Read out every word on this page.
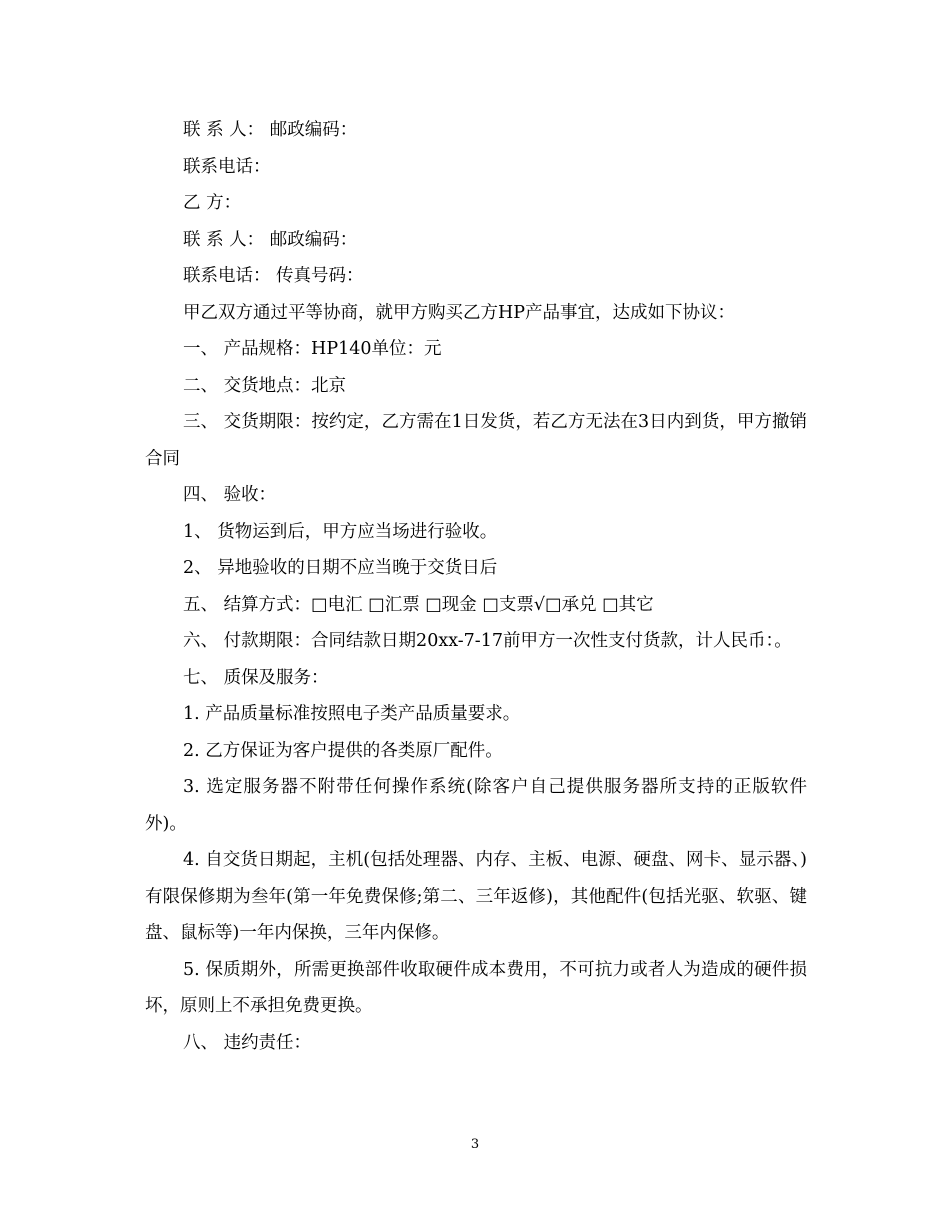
联 系 人： 邮政编码：

联系电话：

乙 方：

联 系 人： 邮政编码：

联系电话： 传真号码：

甲乙双方通过平等协商，就甲方购买乙方HP产品事宜，达成如下协议：

一、 产品规格：HP140单位：元

二、 交货地点：北京

三、 交货期限：按约定，乙方需在1日发货，若乙方无法在3日内到货，甲方撤销合同

四、 验收：

1、 货物运到后，甲方应当场进行验收。

2、 异地验收的日期不应当晚于交货日后

五、 结算方式：□电汇 □汇票 □现金 □支票√□承兑 □其它

六、 付款期限：合同结款日期20xx-7-17前甲方一次性支付货款，计人民币：。

七、 质保及服务：

1. 产品质量标准按照电子类产品质量要求。

2. 乙方保证为客户提供的各类原厂配件。

3. 选定服务器不附带任何操作系统(除客户自己提供服务器所支持的正版软件外)。

4. 自交货日期起，主机(包括处理器、内存、主板、电源、硬盘、网卡、显示器、)有限保修期为叁年(第一年免费保修;第二、三年返修)，其他配件(包括光驱、软驱、键盘、鼠标等)一年内保换，三年内保修。

5. 保质期外，所需更换部件收取硬件成本费用，不可抗力或者人为造成的硬件损坏，原则上不承担免费更换。

八、 违约责任：

3
